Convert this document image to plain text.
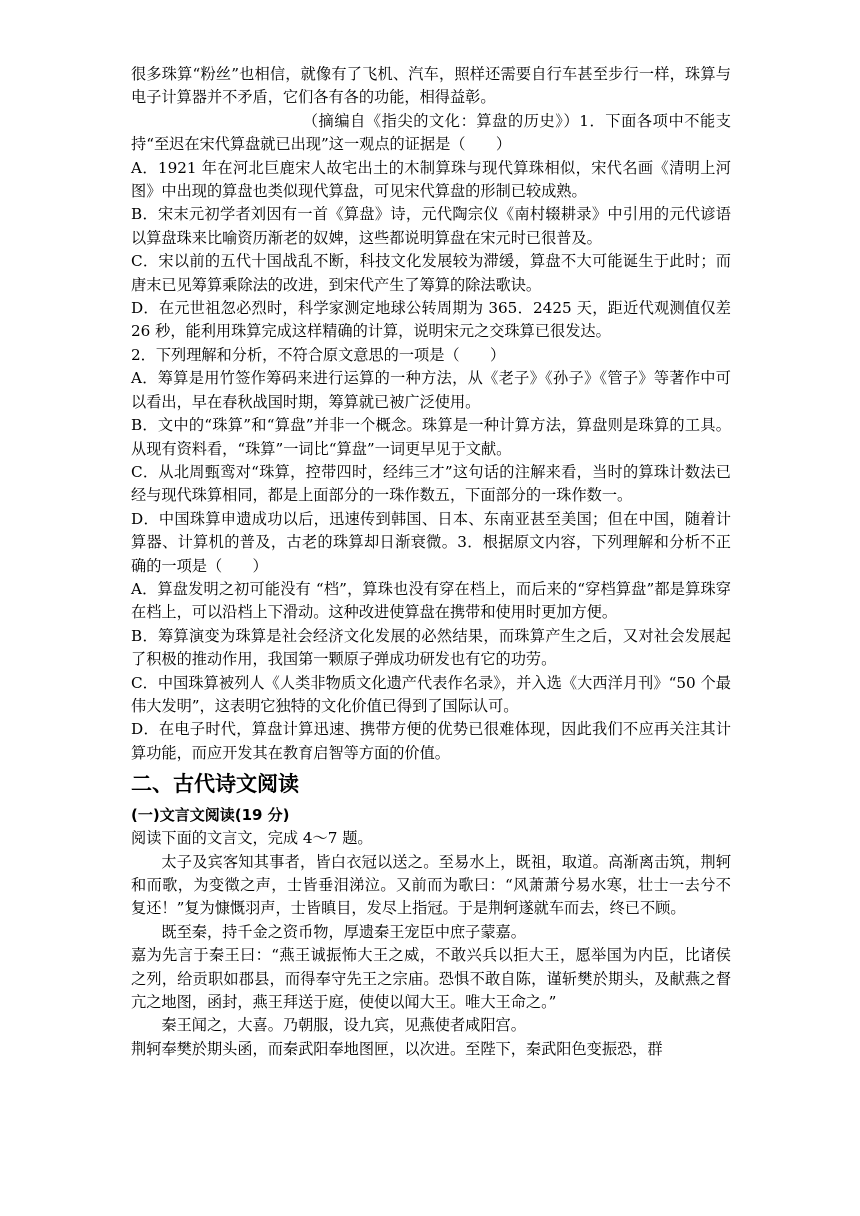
很多珠算“粉丝”也相信，就像有了飞机、汽车，照样还需要自行车甚至步行一样，珠算与电子计算器并不矛盾，它们各有各的功能，相得益彰。

（摘编自《指尖的文化：算盘的历史》）1．下面各项中不能支持“至迟在宋代算盘就已出现”这一观点的证据是（　　）

A．1921 年在河北巨鹿宋人故宅出土的木制算珠与现代算珠相似，宋代名画《清明上河图》中出现的算盘也类似现代算盘，可见宋代算盘的形制已较成熟。

B．宋末元初学者刘因有一首《算盘》诗，元代陶宗仪《南村辍耕录》中引用的元代谚语以算盘珠来比喻资历渐老的奴婢，这些都说明算盘在宋元时已很普及。

C．宋以前的五代十国战乱不断，科技文化发展较为滞缓，算盘不大可能诞生于此时；而唐末已见筹算乘除法的改进，到宋代产生了筹算的除法歌诀。

D．在元世祖忽必烈时，科学家测定地球公转周期为 365．2425 天，距近代观测值仅差 26 秒，能利用珠算完成这样精确的计算，说明宋元之交珠算已很发达。

2．下列理解和分析，不符合原文意思的一项是（　　）

A．筹算是用竹签作筹码来进行运算的一种方法，从《老子》《孙子》《管子》等著作中可以看出，早在春秋战国时期，筹算就已被广泛使用。

B．文中的“珠算”和“算盘”并非一个概念。珠算是一种计算方法，算盘则是珠算的工具。从现有资料看，“珠算”一词比“算盘”一词更早见于文献。

C．从北周甄鸾对“珠算，控带四时，经纬三才”这句话的注解来看，当时的算珠计数法已经与现代珠算相同，都是上面部分的一珠作数五，下面部分的一珠作数一。

D．中国珠算申遗成功以后，迅速传到韩国、日本、东南亚甚至美国；但在中国，随着计算器、计算机的普及，古老的珠算却日渐衰微。3．根据原文内容，下列理解和分析不正确的一项是（　　）

A．算盘发明之初可能没有 “档”，算珠也没有穿在档上，而后来的“穿档算盘”都是算珠穿在档上，可以沿档上下滑动。这种改进使算盘在携带和使用时更加方便。

B．筹算演变为珠算是社会经济文化发展的必然结果，而珠算产生之后，又对社会发展起了积极的推动作用，我国第一颗原子弹成功研发也有它的功劳。

C．中国珠算被列人《人类非物质文化遗产代表作名录》，并入选《大西洋月刊》“50 个最伟大发明”，这表明它独特的文化价值已得到了国际认可。

D．在电子时代，算盘计算迅速、携带方便的优势已很难体现，因此我们不应再关注其计算功能，而应开发其在教育启智等方面的价值。

二、古代诗文阅读
(一)文言文阅读(19 分)

阅读下面的文言文，完成 4～7 题。

太子及宾客知其事者，皆白衣冠以送之。至易水上，既祖，取道。高渐离击筑，荆轲和而歌，为变徵之声，士皆垂泪涕泣。又前而为歌曰：“风萧萧兮易水寒，壮士一去兮不复还！”复为慷慨羽声，士皆瞋目，发尽上指冠。于是荆轲遂就车而去，终已不顾。

既至秦，持千金之资币物，厚遗秦王宠臣中庶子蒙嘉。

嘉为先言于秦王曰：“燕王诚振怖大王之威，不敢兴兵以拒大王，愿举国为内臣，比诸侯之列，给贡职如郡县，而得奉守先王之宗庙。恐惧不敢自陈，谨斩樊於期头，及献燕之督亢之地图，函封，燕王拜送于庭，使使以闻大王。唯大王命之。”

秦王闻之，大喜。乃朝服，设九宾，见燕使者咸阳宫。

荆轲奉樊於期头函，而秦武阳奉地图匣，以次进。至陛下，秦武阳色变振恐，群
